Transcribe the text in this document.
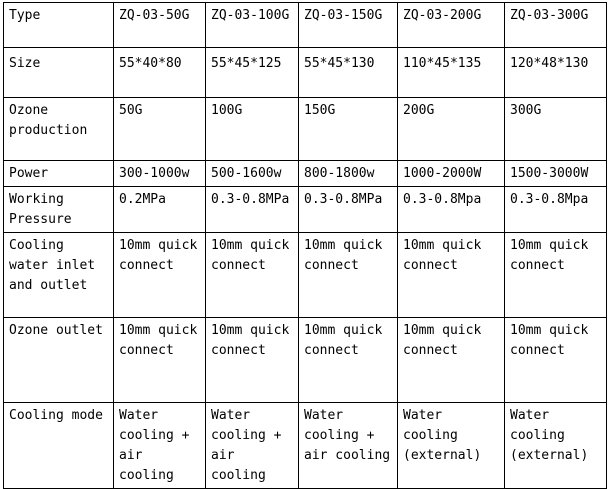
Type	ZQ-03-50G	ZQ-03-100G	ZQ-03-150G	ZQ-03-200G	ZQ-03-300G

Size	55*40*80	55*45*125	55*45*130	110*45*135	120*48*130

Ozone production	50G	100G	150G	200G	300G

Power	300-1000w	500-1600w	800-1800w	1000-2000W	1500-3000W

Working Pressure	0.2MPa	0.3-0.8MPa	0.3-0.8MPa	0.3-0.8Mpa	0.3-0.8Mpa

Cooling water inlet and outlet	10mm quick connect	10mm quick connect	10mm quick connect	10mm quick connect	10mm quick connect

Ozone outlet	10mm quick connect	10mm quick connect	10mm quick connect	10mm quick connect	10mm quick connect

Cooling mode	Water cooling + air cooling	Water cooling + air cooling	Water cooling + air cooling	Water cooling (external)	Water cooling (external)
